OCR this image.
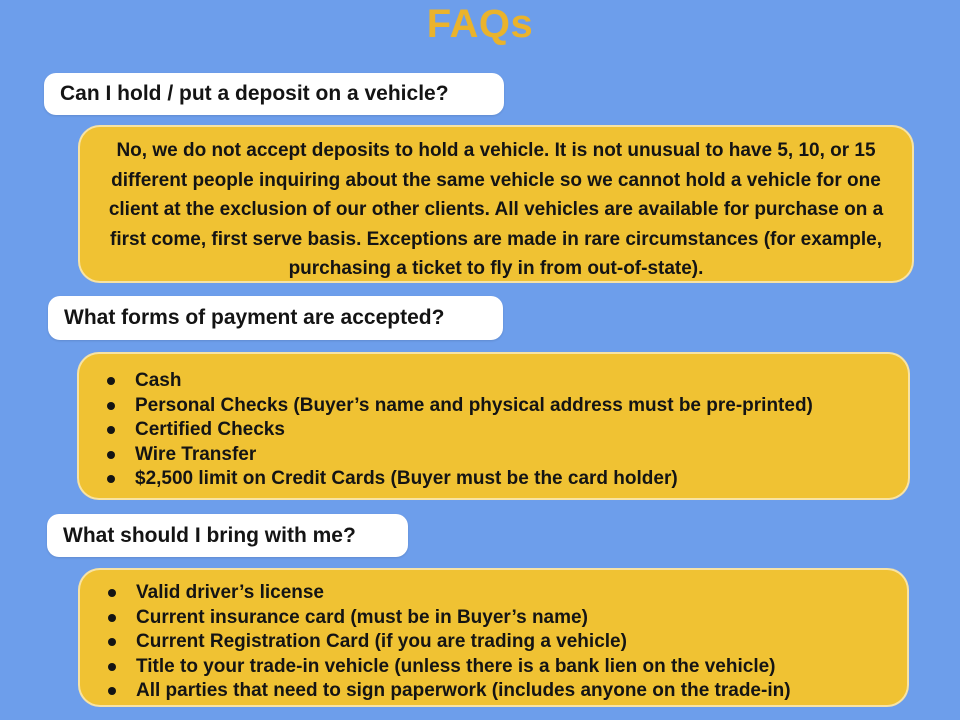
FAQs
Can I hold / put a deposit on a vehicle?

No, we do not accept deposits to hold a vehicle. It is not unusual to have 5, 10, or 15 different people inquiring about the same vehicle so we cannot hold a vehicle for one client at the exclusion of our other clients. All vehicles are available for purchase on a first come, first serve basis. Exceptions are made in rare circumstances (for example, purchasing a ticket to fly in from out-of-state).

What forms of payment are accepted?
Cash
Personal Checks (Buyer’s name and physical address must be pre-printed)
Certified Checks
Wire Transfer
$2,500 limit on Credit Cards (Buyer must be the card holder)
What should I bring with me?
Valid driver’s license
Current insurance card (must be in Buyer’s name)
Current Registration Card (if you are trading a vehicle)
Title to your trade-in vehicle (unless there is a bank lien on the vehicle)
All parties that need to sign paperwork (includes anyone on the trade-in)
